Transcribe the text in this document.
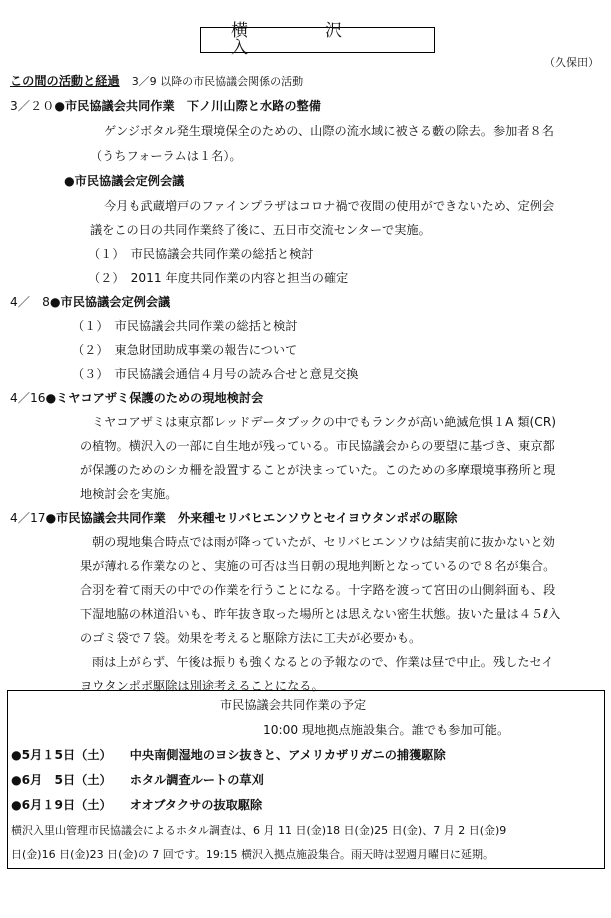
横　沢　入
（久保田）
この間の活動と経過 3／9 以降の市民協議会関係の活動
3／２０●市民協議会共同作業　下ノ川山際と水路の整備
ゲンジボタル発生環境保全のための、山際の流水域に被さる藪の除去。参加者８名
（うちフォーラムは１名）。
●市民協議会定例会議
今月も武蔵増戸のファインプラザはコロナ禍で夜間の使用ができないため、定例会
議をこの日の共同作業終了後に、五日市交流センターで実施。
（１）　市民協議会共同作業の総括と検討
（２）　2011 年度共同作業の内容と担当の確定
4／　8●市民協議会定例会議
（１）　市民協議会共同作業の総括と検討
（２）　東急財団助成事業の報告について
（３）　市民協議会通信４月号の読み合せと意見交換
4／16●ミヤコアザミ保護のための現地検討会
ミヤコアザミは東京都レッドデータブックの中でもランクが高い絶滅危惧１A 類(CR)
の植物。横沢入の一部に自生地が残っている。市民協議会からの要望に基づき、東京都
が保護のためのシカ柵を設置することが決まっていた。このための多摩環境事務所と現
地検討会を実施。
4／17●市民協議会共同作業　外来種セリバヒエンソウとセイヨウタンポポの駆除
朝の現地集合時点では雨が降っていたが、セリバヒエンソウは結実前に抜かないと効
果が薄れる作業なのと、実施の可否は当日朝の現地判断となっているので８名が集合。
合羽を着て雨天の中での作業を行うことになる。十字路を渡って宮田の山側斜面も、段
下湿地脇の林道沿いも、昨年抜き取った場所とは思えない密生状態。抜いた量は４５ℓ入
のゴミ袋で７袋。効果を考えると駆除方法に工夫が必要かも。
雨は上がらず、午後は振りも強くなるとの予報なので、作業は昼で中止。残したセイ
ヨウタンポポ駆除は別途考えることになる。
市民協議会共同作業の予定
10:00 現地拠点施設集合。誰でも参加可能。
●5月１5日（土） 中央南側湿地のヨシ抜きと、アメリカザリガニの捕獲駆除
●6月　5日（土） ホタル調査ルートの草刈
●6月１9日（土） オオブタクサの抜取駆除
横沢入里山管理市民協議会によるホタル調査は、6 月 11 日(金)18 日(金)25 日(金)、7 月 2 日(金)9
日(金)16 日(金)23 日(金)の 7 回です。19:15 横沢入拠点施設集合。雨天時は翌週月曜日に延期。
